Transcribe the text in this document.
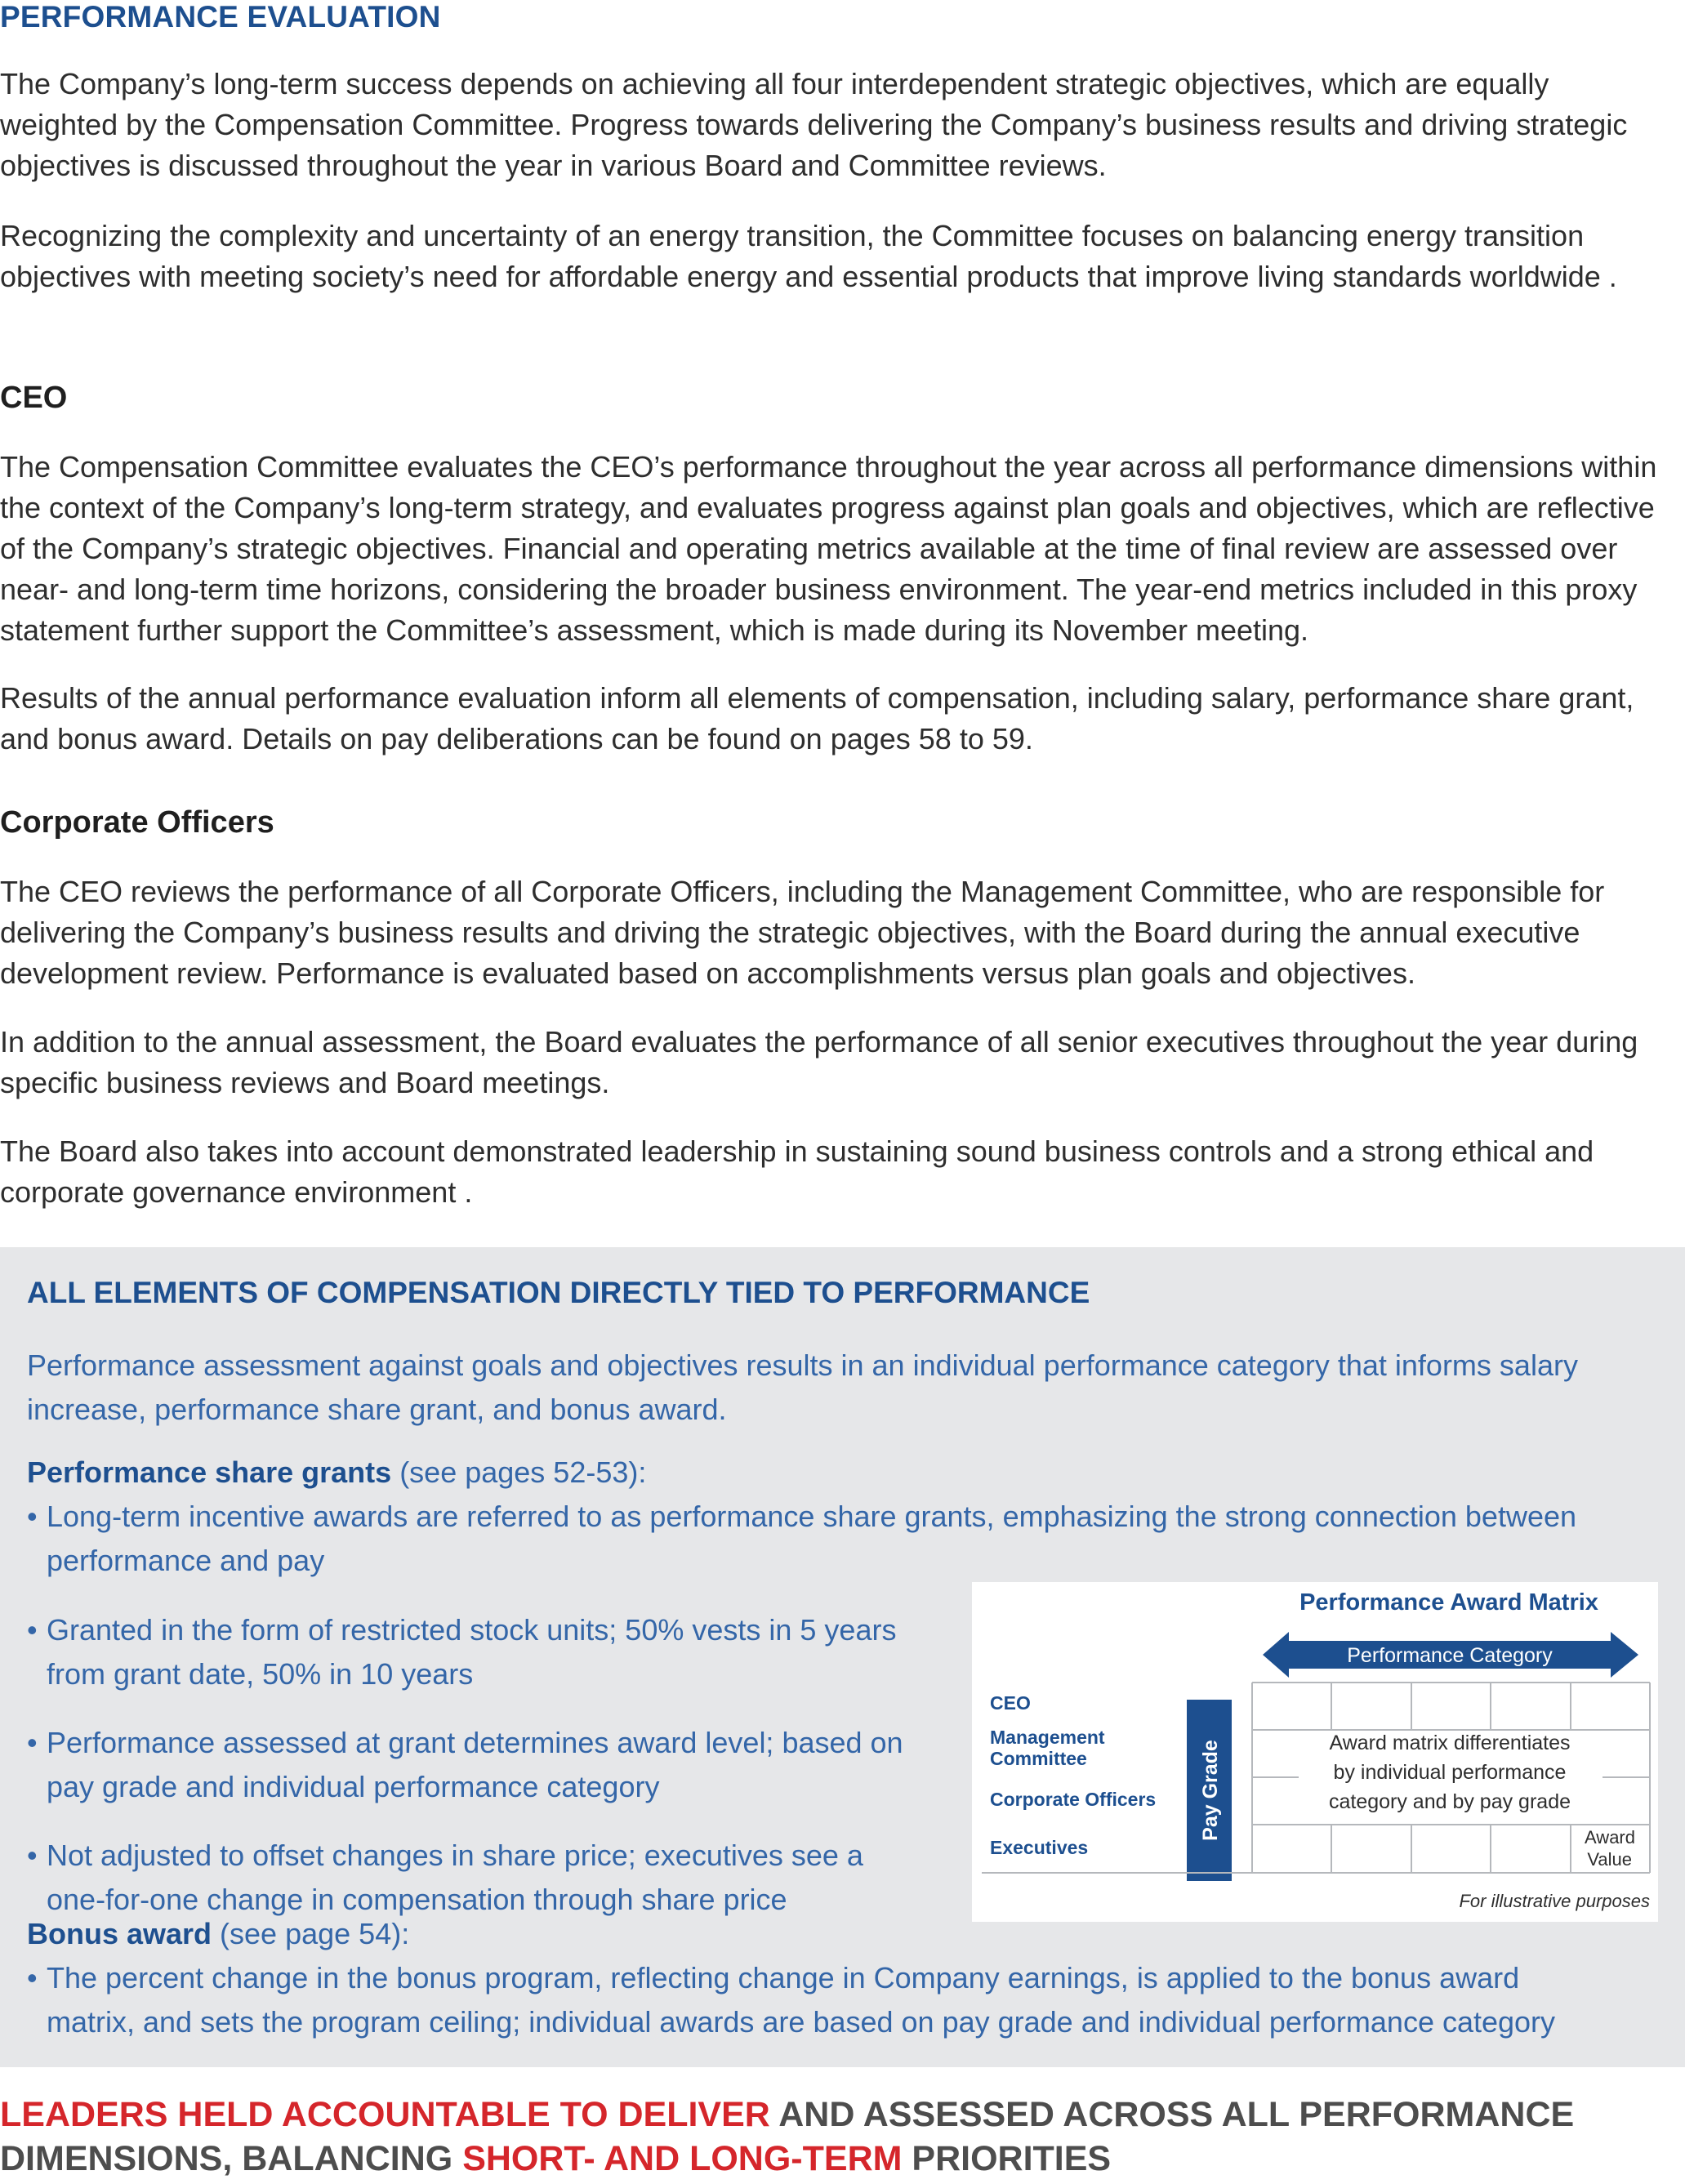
PERFORMANCE EVALUATION

The Company’s long-term success depends on achieving all four interdependent strategic objectives, which are equally weighted by the Compensation Committee. Progress towards delivering the Company’s business results and driving strategic objectives is discussed throughout the year in various Board and Committee reviews.

Recognizing the complexity and uncertainty of an energy transition, the Committee focuses on balancing energy transition objectives with meeting society’s need for affordable energy and essential products that improve living standards worldwide .

CEO

The Compensation Committee evaluates the CEO’s performance throughout the year across all performance dimensions within the context of the Company’s long-term strategy, and evaluates progress against plan goals and objectives, which are reflective of the Company’s strategic objectives. Financial and operating metrics available at the time of final review are assessed over near- and long-term time horizons, considering the broader business environment. The year-end metrics included in this proxy statement further support the Committee’s assessment, which is made during its November meeting.

Results of the annual performance evaluation inform all elements of compensation, including salary, performance share grant, and bonus award. Details on pay deliberations can be found on pages 58 to 59.

Corporate Officers

The CEO reviews the performance of all Corporate Officers, including the Management Committee, who are responsible for delivering the Company’s business results and driving the strategic objectives, with the Board during the annual executive development review. Performance is evaluated based on accomplishments versus plan goals and objectives.

In addition to the annual assessment, the Board evaluates the performance of all senior executives throughout the year during specific business reviews and Board meetings.

The Board also takes into account demonstrated leadership in sustaining sound business controls and a strong ethical and corporate governance environment .

ALL ELEMENTS OF COMPENSATION DIRECTLY TIED TO PERFORMANCE

Performance assessment against goals and objectives results in an individual performance category that informs salary increase, performance share grant, and bonus award.

Performance share grants (see pages 52-53):

• Long-term incentive awards are referred to as performance share grants, emphasizing the strong connection between performance and pay

• Granted in the form of restricted stock units; 50% vests in 5 years from grant date, 50% in 10 years

• Performance assessed at grant determines award level; based on pay grade and individual performance category

• Not adjusted to offset changes in share price; executives see a one-for-one change in compensation through share price

Bonus award (see page 54):

• The percent change in the bonus program, reflecting change in Company earnings, is applied to the bonus award matrix, and sets the program ceiling; individual awards are based on pay grade and individual performance category

Performance Award Matrix
Performance Category
Pay Grade
CEO
Management Committee
Corporate Officers
Executives
Award matrix differentiates
by individual performance
category and by pay grade
Award
Value
For illustrative purposes

LEADERS HELD ACCOUNTABLE TO DELIVER AND ASSESSED ACROSS ALL PERFORMANCE DIMENSIONS, BALANCING SHORT- AND LONG-TERM PRIORITIES
